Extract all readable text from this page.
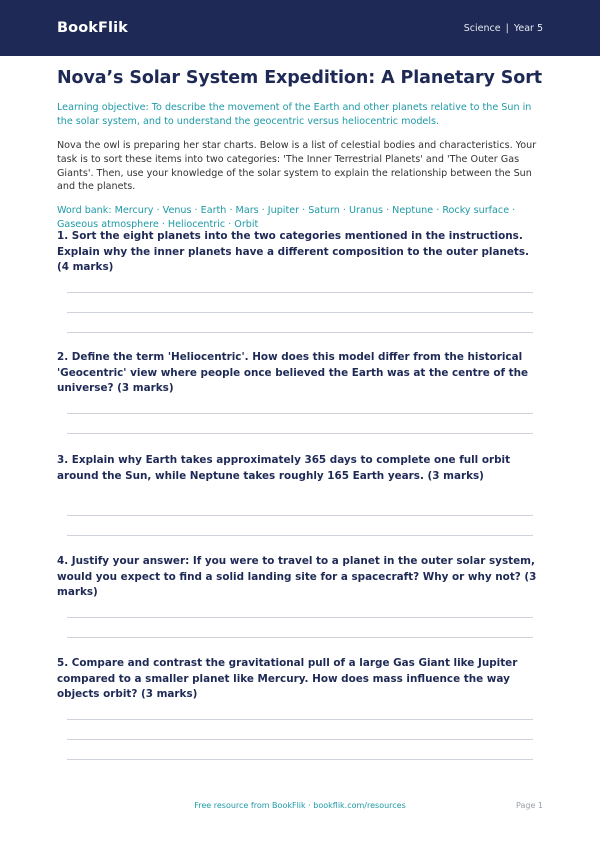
BookFlik	Science | Year 5
Nova’s Solar System Expedition: A Planetary Sort

Learning objective: To describe the movement of the Earth and other planets relative to the Sun in the solar system, and to understand the geocentric versus heliocentric models.

Nova the owl is preparing her star charts. Below is a list of celestial bodies and characteristics. Your task is to sort these items into two categories: 'The Inner Terrestrial Planets' and 'The Outer Gas Giants'. Then, use your knowledge of the solar system to explain the relationship between the Sun and the planets.

Word bank: Mercury · Venus · Earth · Mars · Jupiter · Saturn · Uranus · Neptune · Rocky surface · Gaseous atmosphere · Heliocentric · Orbit

1. Sort the eight planets into the two categories mentioned in the instructions. Explain why the inner planets have a different composition to the outer planets. (4 marks)
2. Define the term 'Heliocentric'. How does this model differ from the historical 'Geocentric' view where people once believed the Earth was at the centre of the universe? (3 marks)
3. Explain why Earth takes approximately 365 days to complete one full orbit around the Sun, while Neptune takes roughly 165 Earth years. (3 marks)
4. Justify your answer: If you were to travel to a planet in the outer solar system, would you expect to find a solid landing site for a spacecraft? Why or why not? (3 marks)
5. Compare and contrast the gravitational pull of a large Gas Giant like Jupiter compared to a smaller planet like Mercury. How does mass influence the way objects orbit? (3 marks)
Free resource from BookFlik · bookflik.com/resources	Page 1
